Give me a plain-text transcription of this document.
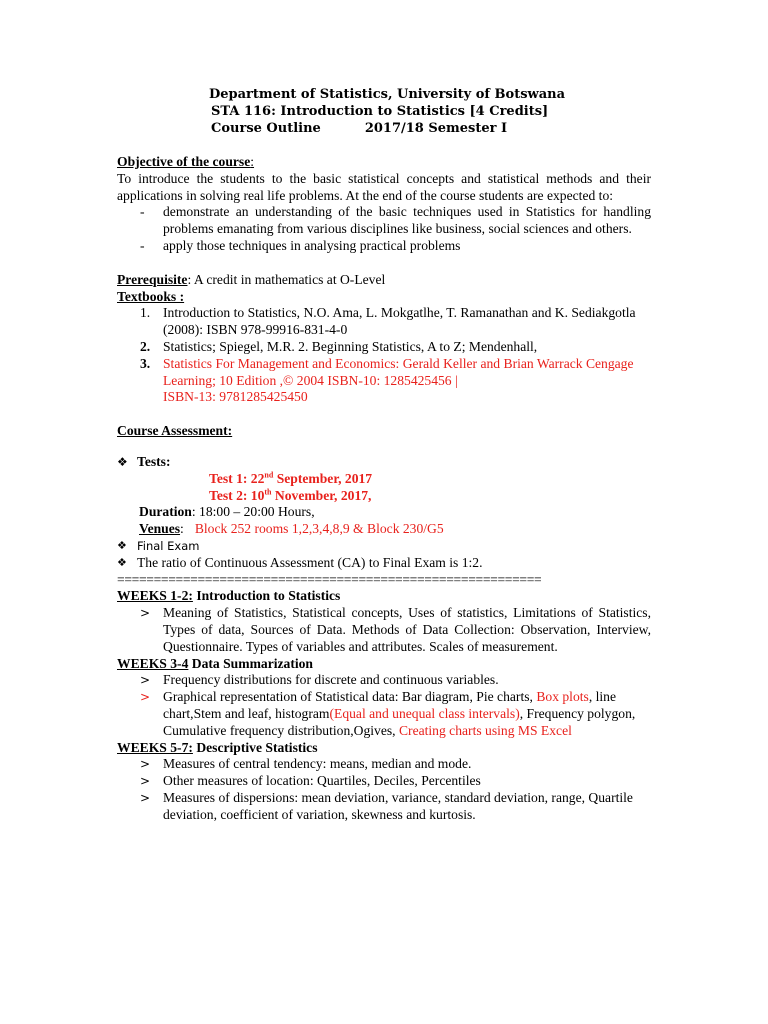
Department of Statistics, University of Botswana
STA 116: Introduction to Statistics [4 Credits]
Course Outline	2017/18 Semester I
Objective of the course:
To introduce the students to the basic statistical concepts and statistical methods and their applications in solving real life problems. At the end of the course students are expected to:
- demonstrate an understanding of the basic techniques used in Statistics for handling problems emanating from various disciplines like business, social sciences and others.
- apply those techniques in analysing practical problems
Prerequisite: A credit in mathematics at O-Level
Textbooks :
1. Introduction to Statistics, N.O. Ama, L. Mokgatlhe, T. Ramanathan and K. Sediakgotla (2008): ISBN 978-99916-831-4-0
2. Statistics; Spiegel, M.R. 2. Beginning Statistics, A to Z; Mendenhall,
3. Statistics For Management and Economics: Gerald Keller and Brian Warrack Cengage Learning; 10 Edition ,© 2004 ISBN-10: 1285425456 |
ISBN-13: 9781285425450
Course Assessment:
❖ Tests:
Test 1: 22nd September, 2017
Test 2: 10th November, 2017,
Duration: 18:00 – 20:00 Hours,
Venues: Block 252 rooms 1,2,3,4,8,9 & Block 230/G5
❖ Final Exam
❖ The ratio of Continuous Assessment (CA) to Final Exam is 1:2.
==========================================================
WEEKS 1-2: Introduction to Statistics
> Meaning of Statistics, Statistical concepts, Uses of statistics, Limitations of Statistics, Types of data, Sources of Data. Methods of Data Collection: Observation, Interview, Questionnaire. Types of variables and attributes. Scales of measurement.
WEEKS 3-4 Data Summarization
> Frequency distributions for discrete and continuous variables.
> Graphical representation of Statistical data: Bar diagram, Pie charts, Box plots, line chart,Stem and leaf, histogram(Equal and unequal class intervals), Frequency polygon, Cumulative frequency distribution,Ogives, Creating charts using MS Excel
WEEKS 5-7: Descriptive Statistics
> Measures of central tendency: means, median and mode.
> Other measures of location: Quartiles, Deciles, Percentiles
> Measures of dispersions: mean deviation, variance, standard deviation, range, Quartile deviation, coefficient of variation, skewness and kurtosis.
